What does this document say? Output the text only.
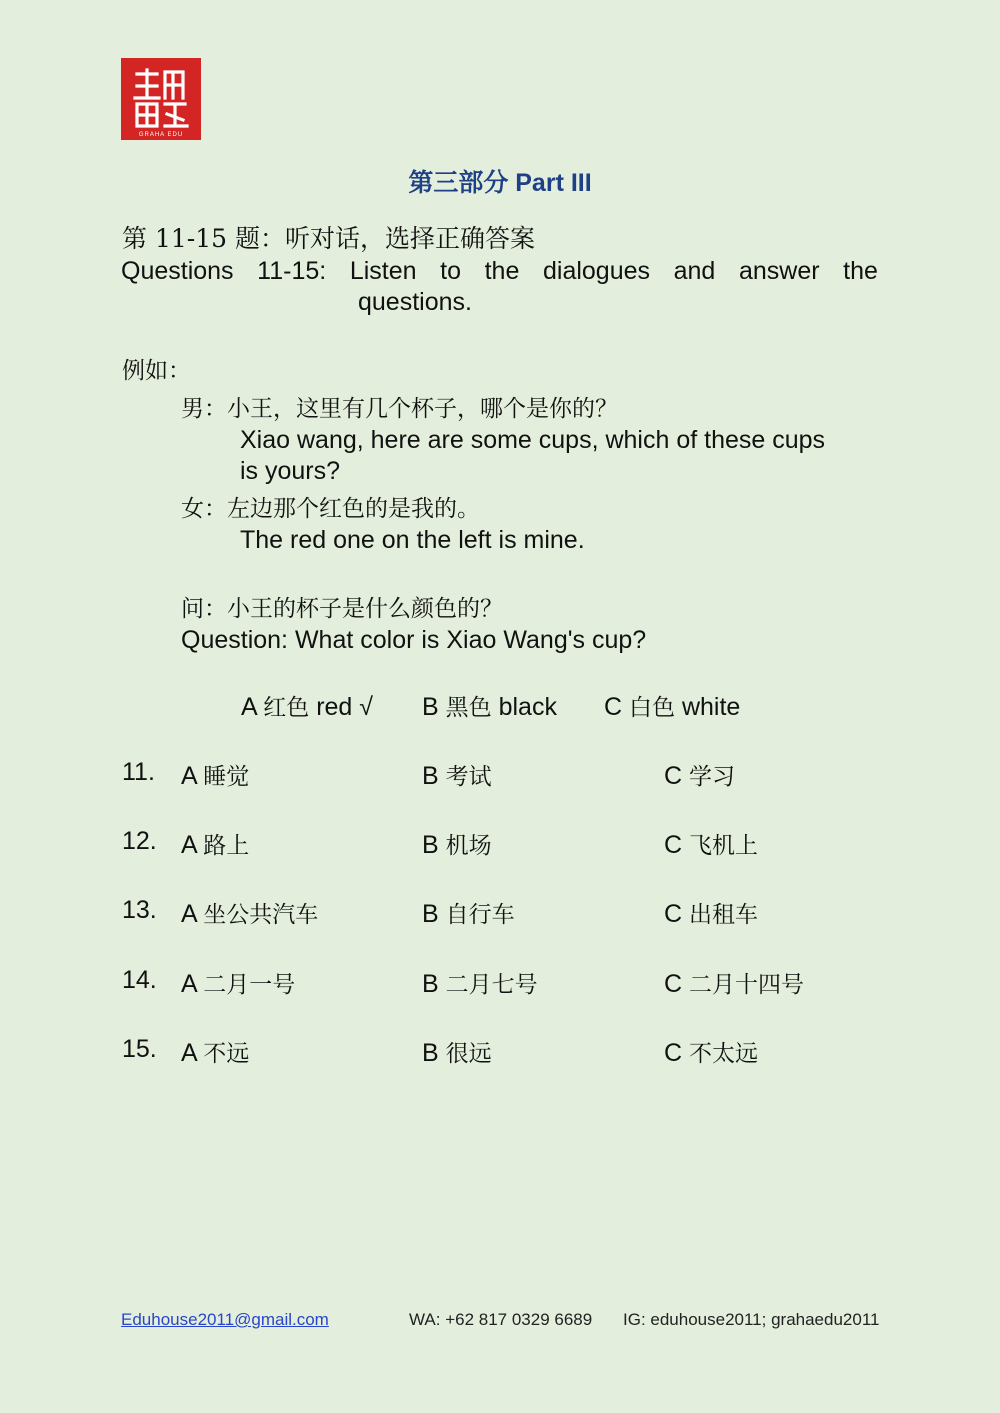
GRAHA EDU
第三部分 Part III
第 11-15 题：听对话，选择正确答案
Questions 11-15: Listen to the dialogues and answer the
questions.
例如：
男：小王，这里有几个杯子，哪个是你的？
Xiao wang, here are some cups, which of these cups
is yours?
女：左边那个红色的是我的。
The red one on the left is mine.
问：小王的杯子是什么颜色的？
Question: What color is Xiao Wang's cup?
A 红色 red √ B 黑色 black C 白色 white
11. A 睡觉	B 考试	C 学习
12. A 路上	B 机场	C 飞机上
13. A 坐公共汽车	B 自行车	C 出租车
14. A 二月一号	B 二月七号	C 二月十四号
15. A 不远	B 很远	C 不太远
Eduhouse2011@gmail.com	WA: +62 817 0329 6689 IG: eduhouse2011; grahaedu2011
